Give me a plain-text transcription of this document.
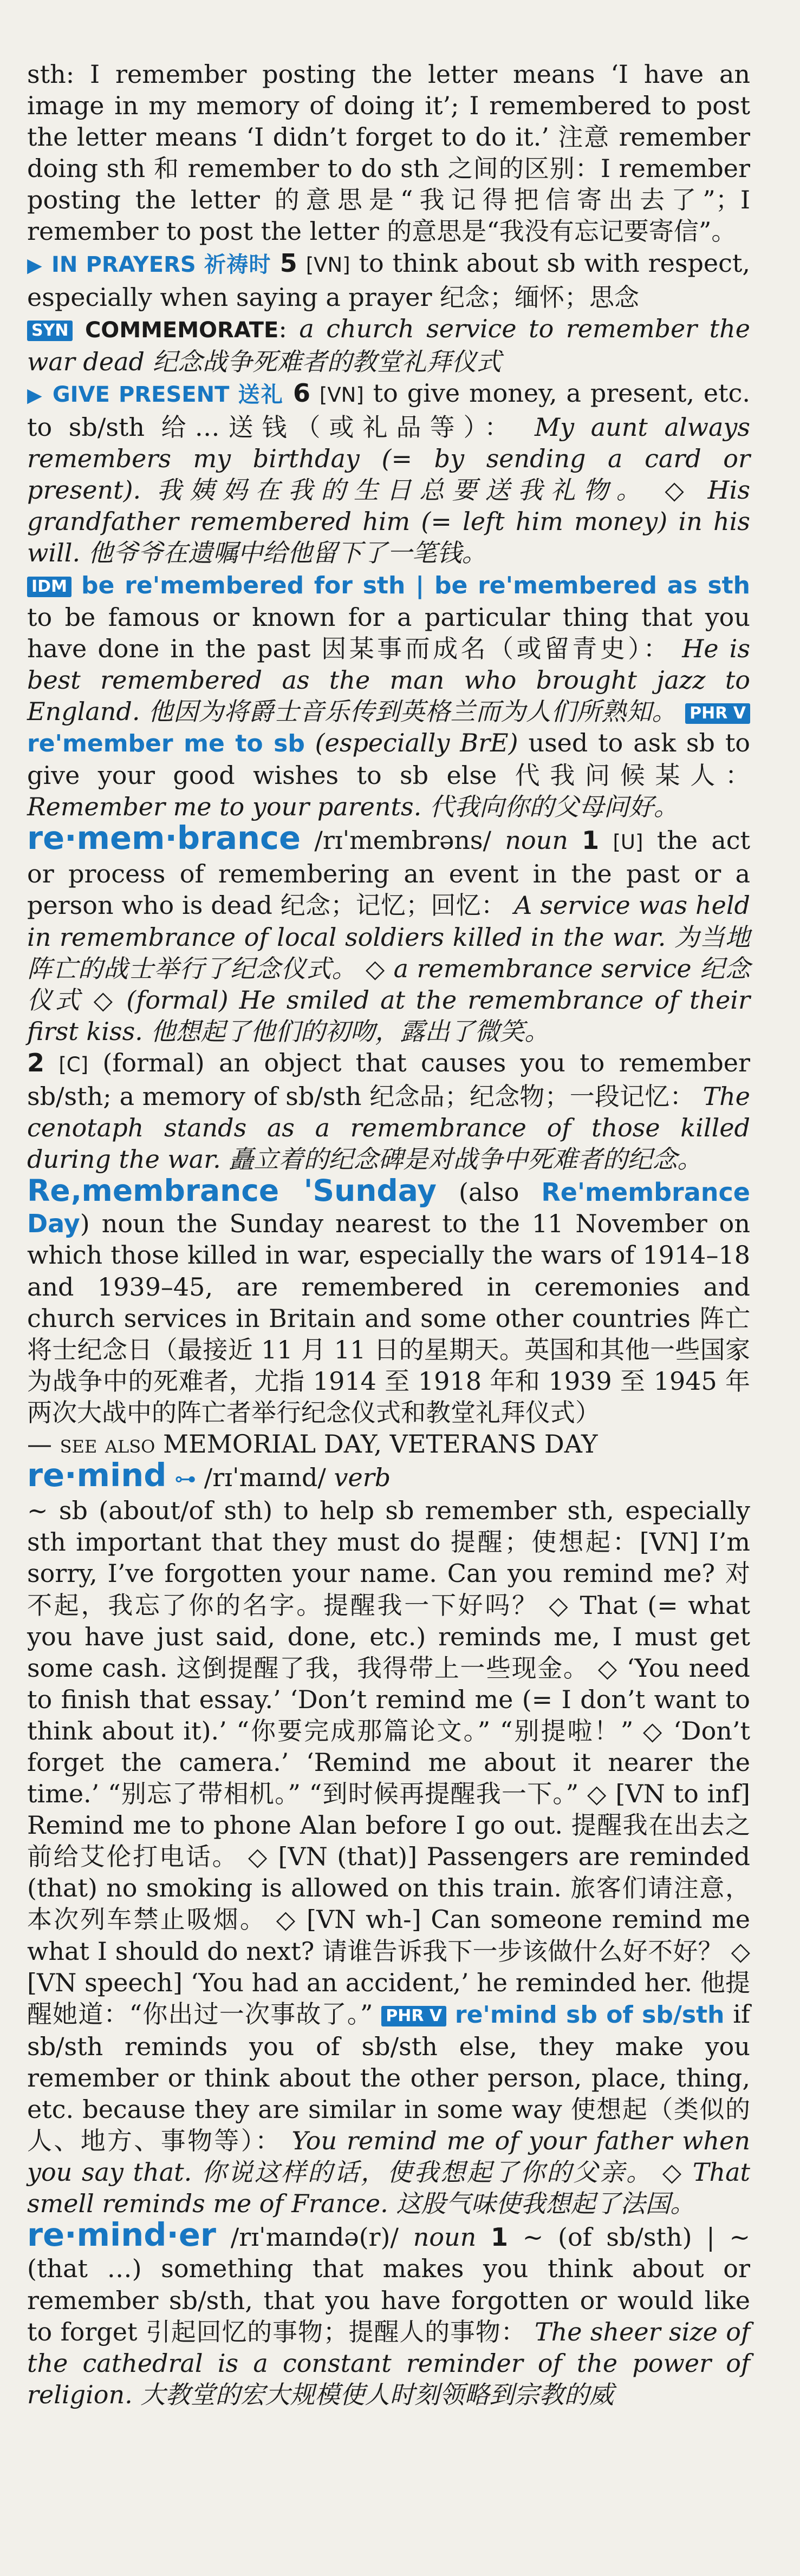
sth: I remember posting the letter means ‘I have an image in my memory of doing it’; I remembered to post the letter means ‘I didn’t forget to do it.’ 注意 remember doing sth 和 remember to do sth 之间的区别：I remember posting the letter 的意思是“我记得把信寄出去了”；I remember to post the letter 的意思是“我没有忘记要寄信”。

▶ IN PRAYERS 祈祷时 5 [VN] to think about sb with respect, especially when saying a prayer 纪念；缅怀；思念
SYN COMMEMORATE: a church service to remember the war dead 纪念战争死难者的教堂礼拜仪式

▶ GIVE PRESENT 送礼 6 [VN] to give money, a present, etc. to sb/sth 给…送钱（或礼品等）： My aunt always remembers my birthday (= by sending a card or present). 我姨妈在我的生日总要送我礼物。 ◇ His grandfather remembered him (= left him money) in his will. 他爷爷在遗嘱中给他留下了一笔钱。

IDM be re'membered for sth | be re'membered as sth to be famous or known for a particular thing that you have done in the past 因某事而成名（或留青史）： He is best remembered as the man who brought jazz to England. 他因为将爵士音乐传到英格兰而为人们所熟知。 PHR V re'member me to sb (especially BrE) used to ask sb to give your good wishes to sb else 代我问候某人： Remember me to your parents. 代我向你的父母问好。

re·mem·brance /rɪˈmembrəns/ noun 1 [U] the act or process of remembering an event in the past or a person who is dead 纪念；记忆；回忆： A service was held in remembrance of local soldiers killed in the war. 为当地阵亡的战士举行了纪念仪式。 ◇ a remembrance service 纪念仪式 ◇ (formal) He smiled at the remembrance of their first kiss. 他想起了他们的初吻，露出了微笑。
2 [C] (formal) an object that causes you to remember sb/sth; a memory of sb/sth 纪念品；纪念物；一段记忆： The cenotaph stands as a remembrance of those killed during the war. 矗立着的纪念碑是对战争中死难者的纪念。

Re‚membrance 'Sunday (also Re'membrance Day) noun the Sunday nearest to the 11 November on which those killed in war, especially the wars of 1914–18 and 1939–45, are remembered in ceremonies and church services in Britain and some other countries 阵亡将士纪念日（最接近 11 月 11 日的星期天。英国和其他一些国家为战争中的死难者，尤指 1914 至 1918 年和 1939 至 1945 年两次大战中的阵亡者举行纪念仪式和教堂礼拜仪式）
— see also MEMORIAL DAY, VETERANS DAY

re·mind ⊶ /rɪˈmaɪnd/ verb
~ sb (about/of sth) to help sb remember sth, especially sth important that they must do 提醒；使想起：[VN] I’m sorry, I’ve forgotten your name. Can you remind me? 对不起，我忘了你的名字。提醒我一下好吗？ ◇ That (= what you have just said, done, etc.) reminds me, I must get some cash. 这倒提醒了我，我得带上一些现金。 ◇ ‘You need to finish that essay.’ ‘Don’t remind me (= I don’t want to think about it).’ “你要完成那篇论文。” “别提啦！” ◇ ‘Don’t forget the camera.’ ‘Remind me about it nearer the time.’ “别忘了带相机。” “到时候再提醒我一下。” ◇ [VN to inf] Remind me to phone Alan before I go out. 提醒我在出去之前给艾伦打电话。 ◇ [VN (that)] Passengers are reminded (that) no smoking is allowed on this train. 旅客们请注意，本次列车禁止吸烟。 ◇ [VN wh-] Can someone remind me what I should do next? 请谁告诉我下一步该做什么好不好？ ◇ [VN speech] ‘You had an accident,’ he reminded her. 他提醒她道：“你出过一次事故了。” PHR V re'mind sb of sb/sth if sb/sth reminds you of sb/sth else, they make you remember or think about the other person, place, thing, etc. because they are similar in some way 使想起（类似的人、地方、事物等）： You remind me of your father when you say that. 你说这样的话，使我想起了你的父亲。 ◇ That smell reminds me of France. 这股气味使我想起了法国。

re·mind·er /rɪˈmaɪndə(r)/ noun 1 ~ (of sb/sth) | ~ (that …) something that makes you think about or remember sb/sth, that you have forgotten or would like to forget 引起回忆的事物；提醒人的事物： The sheer size of the cathedral is a constant reminder of the power of religion. 大教堂的宏大规模使人时刻领略到宗教的威
